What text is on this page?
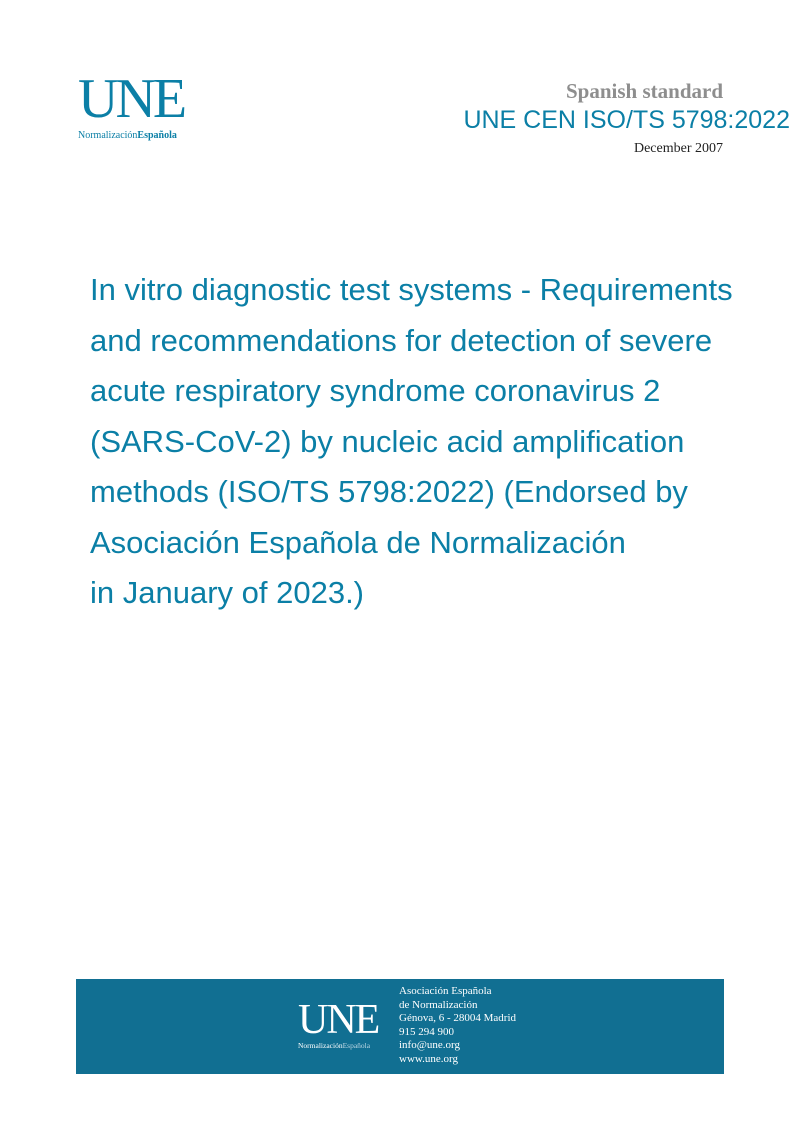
UNE
NormalizaciónEspañola
Spanish standard
UNE CEN ISO/TS 5798:2022
December 2007
In vitro diagnostic test systems - Requirements
and recommendations for detection of severe
acute respiratory syndrome coronavirus 2
(SARS-CoV-2) by nucleic acid amplification
methods (ISO/TS 5798:2022) (Endorsed by
Asociación Española de Normalización
in January of 2023.)
UNE
NormalizaciónEspañola
Asociación Española
de Normalización
Génova, 6 - 28004 Madrid
915 294 900
info@une.org
www.une.org
